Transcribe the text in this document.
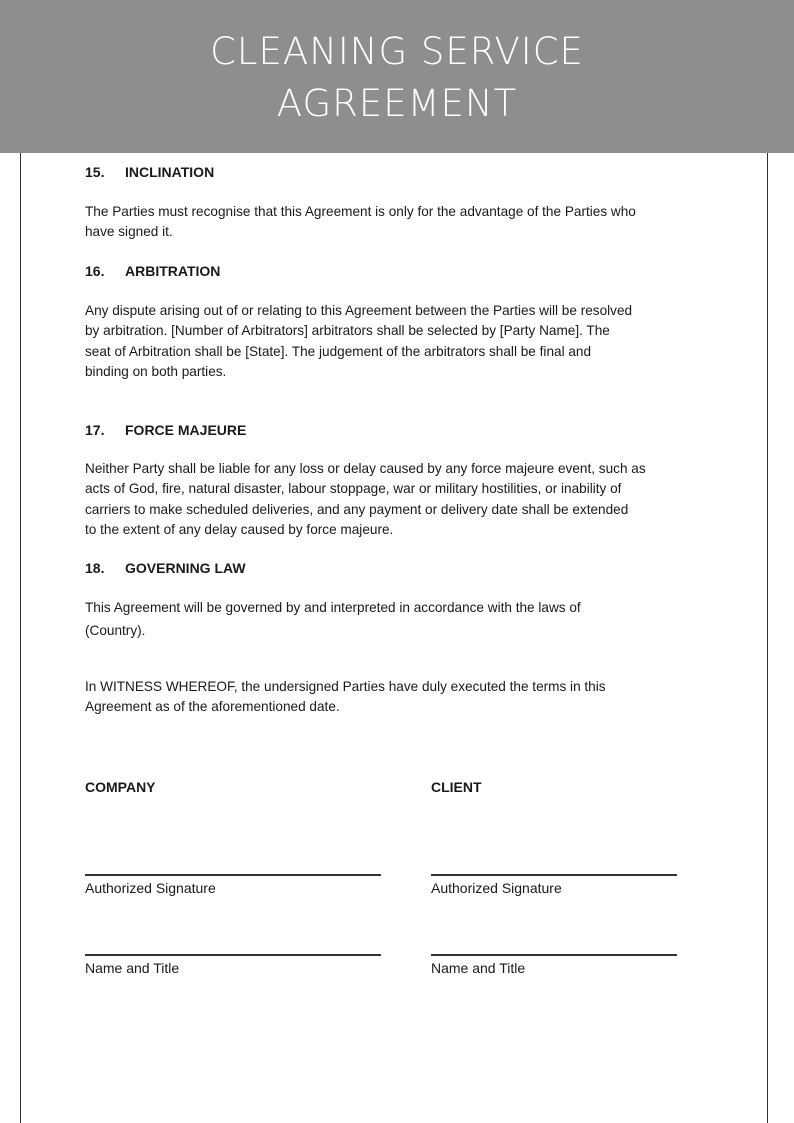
CLEANING SERVICE
AGREEMENT
15. INCLINATION
The Parties must recognise that this Agreement is only for the advantage of the Parties who
have signed it.
16. ARBITRATION
Any dispute arising out of or relating to this Agreement between the Parties will be resolved
by arbitration. [Number of Arbitrators] arbitrators shall be selected by [Party Name]. The
seat of Arbitration shall be [State]. The judgement of the arbitrators shall be final and
binding on both parties.
17. FORCE MAJEURE
Neither Party shall be liable for any loss or delay caused by any force majeure event, such as
acts of God, fire, natural disaster, labour stoppage, war or military hostilities, or inability of
carriers to make scheduled deliveries, and any payment or delivery date shall be extended
to the extent of any delay caused by force majeure.
18. GOVERNING LAW
This Agreement will be governed by and interpreted in accordance with the laws of
(Country).
In WITNESS WHEREOF, the undersigned Parties have duly executed the terms in this
Agreement as of the aforementioned date.
COMPANY	CLIENT
Authorized Signature	Authorized Signature
Name and Title	Name and Title
